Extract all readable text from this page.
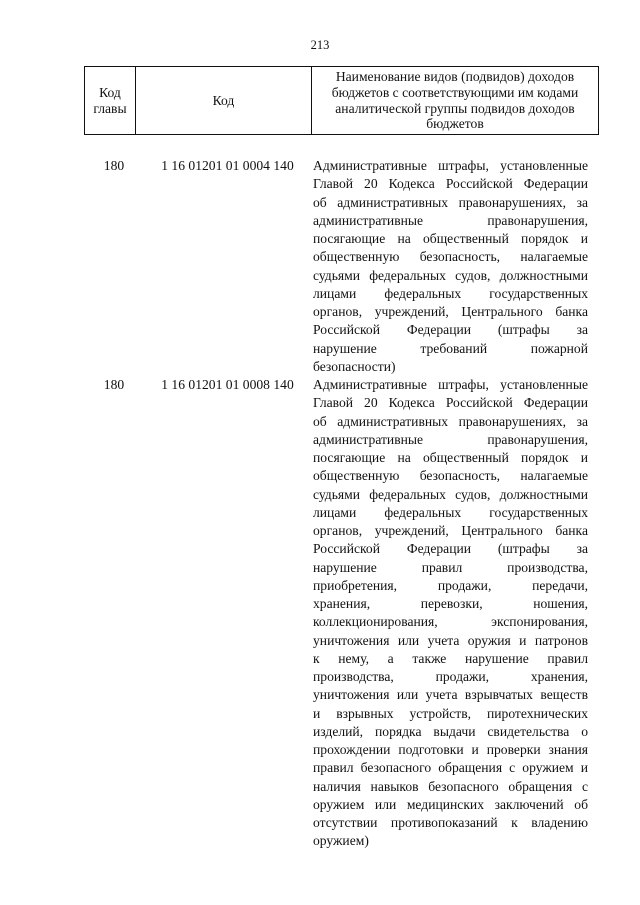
213
Код главы	Код	Наименование видов (подвидов) доходов бюджетов с соответствующими им кодами аналитической группы подвидов доходов бюджетов
180	1 16 01201 01 0004 140	Административные штрафы, установленные
Главой 20 Кодекса Российской Федерации
об административных правонарушениях, за
административные правонарушения,
посягающие на общественный порядок и
общественную безопасность, налагаемые
судьями федеральных судов, должностными
лицами федеральных государственных
органов, учреждений, Центрального банка
Российской Федерации (штрафы за
нарушение требований пожарной
безопасности)
180	1 16 01201 01 0008 140	Административные штрафы, установленные
Главой 20 Кодекса Российской Федерации
об административных правонарушениях, за
административные правонарушения,
посягающие на общественный порядок и
общественную безопасность, налагаемые
судьями федеральных судов, должностными
лицами федеральных государственных
органов, учреждений, Центрального банка
Российской Федерации (штрафы за
нарушение правил производства,
приобретения, продажи, передачи,
хранения, перевозки, ношения,
коллекционирования, экспонирования,
уничтожения или учета оружия и патронов
к нему, а также нарушение правил
производства, продажи, хранения,
уничтожения или учета взрывчатых веществ
и взрывных устройств, пиротехнических
изделий, порядка выдачи свидетельства о
прохождении подготовки и проверки знания
правил безопасного обращения с оружием и
наличия навыков безопасного обращения с
оружием или медицинских заключений об
отсутствии противопоказаний к владению
оружием)
